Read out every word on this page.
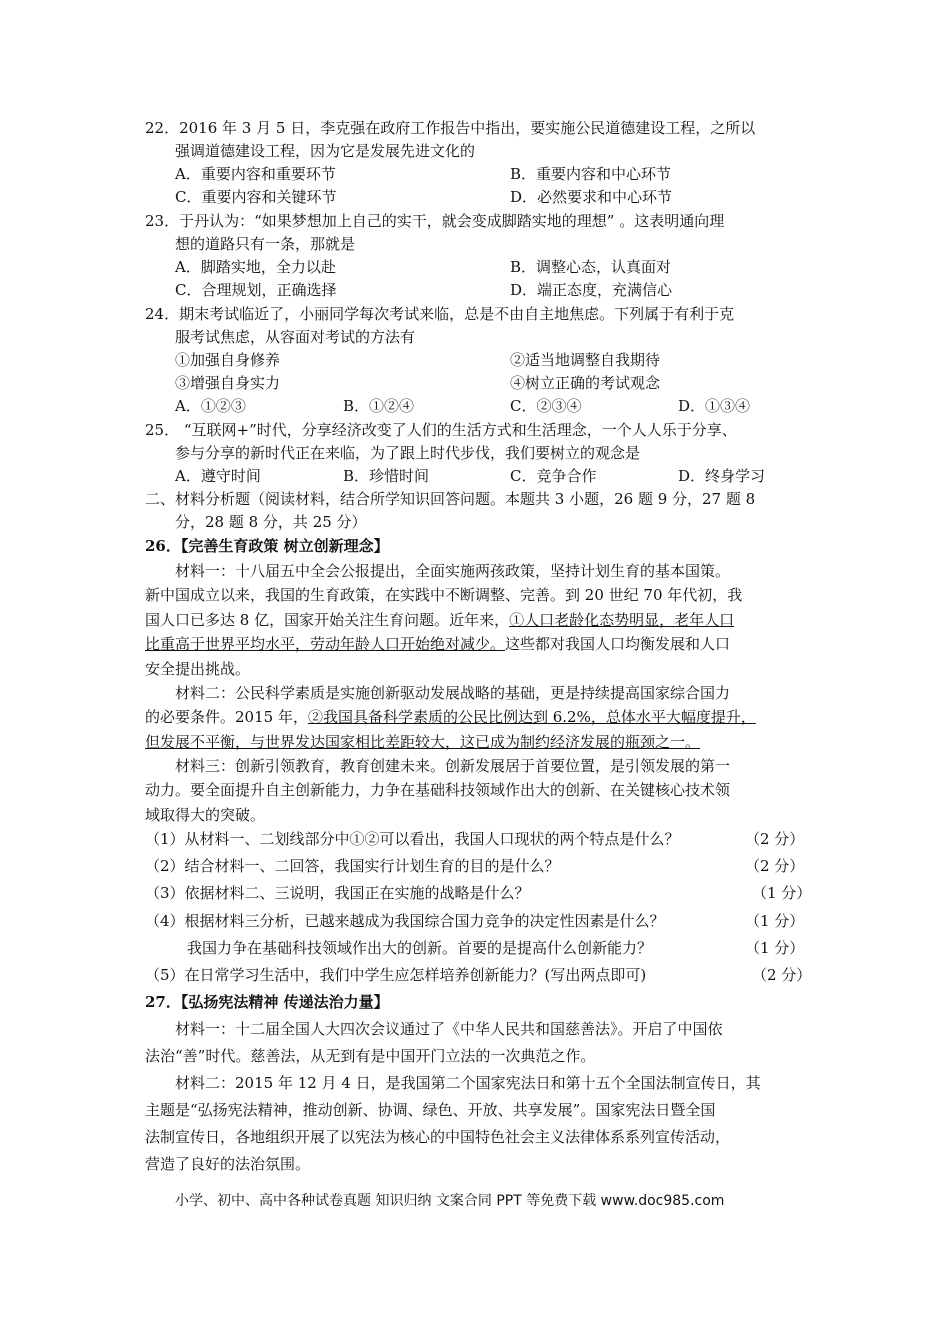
22．2016 年 3 月 5 日，李克强在政府工作报告中指出，要实施公民道德建设工程，之所以
强调道德建设工程，因为它是发展先进文化的
A．重要内容和重要环节	B．重要内容和中心环节
C．重要内容和关键环节	D．必然要求和中心环节
23．于丹认为：“如果梦想加上自己的实干，就会变成脚踏实地的理想” 。这表明通向理
想的道路只有一条，那就是
A．脚踏实地，全力以赴	B．调整心态，认真面对
C．合理规划，正确选择	D．端正态度，充满信心
24．期末考试临近了，小丽同学每次考试来临，总是不由自主地焦虑。下列属于有利于克
服考试焦虑，从容面对考试的方法有
①加强自身修养	②适当地调整自我期待
③增强自身实力	④树立正确的考试观念
A．①②③	B．①②④	C．②③④	D．①③④
25． “互联网+”时代，分享经济改变了人们的生活方式和生活理念，一个人人乐于分享、
参与分享的新时代正在来临，为了跟上时代步伐，我们要树立的观念是
A．遵守时间	B．珍惜时间	C．竞争合作	D．终身学习
二、材料分析题（阅读材料，结合所学知识回答问题。本题共 3 小题，26 题 9 分，27 题 8
分，28 题 8 分，共 25 分）
26．【完善生育政策 树立创新理念】
材料一：十八届五中全会公报提出，全面实施两孩政策，坚持计划生育的基本国策。
新中国成立以来，我国的生育政策，在实践中不断调整、完善。到 20 世纪 70 年代初，我
国人口已多达 8 亿，国家开始关注生育问题。近年来，①人口老龄化态势明显，老年人口
比重高于世界平均水平，劳动年龄人口开始绝对减少。这些都对我国人口均衡发展和人口
安全提出挑战。
材料二：公民科学素质是实施创新驱动发展战略的基础，更是持续提高国家综合国力
的必要条件。2015 年，②我国具备科学素质的公民比例达到 6.2%，总体水平大幅度提升，
但发展不平衡，与世界发达国家相比差距较大，这已成为制约经济发展的瓶颈之一。
材料三：创新引领教育，教育创建未来。创新发展居于首要位置，是引领发展的第一
动力。要全面提升自主创新能力，力争在基础科技领域作出大的创新、在关键核心技术领
域取得大的突破。
（1）从材料一、二划线部分中①②可以看出，我国人口现状的两个特点是什么？	（2 分）
（2）结合材料一、二回答，我国实行计划生育的目的是什么？	（2 分）
（3）依据材料二、三说明，我国正在实施的战略是什么？	（1 分）
（4）根据材料三分析，已越来越成为我国综合国力竞争的决定性因素是什么？	（1 分）
我国力争在基础科技领域作出大的创新。首要的是提高什么创新能力？	（1 分）
（5）在日常学习生活中，我们中学生应怎样培养创新能力？(写出两点即可)	（2 分）
27．【弘扬宪法精神 传递法治力量】
材料一：十二届全国人大四次会议通过了《中华人民共和国慈善法》。开启了中国依
法治“善”时代。慈善法，从无到有是中国开门立法的一次典范之作。
材料二：2015 年 12 月 4 日，是我国第二个国家宪法日和第十五个全国法制宣传日，其
主题是“弘扬宪法精神，推动创新、协调、绿色、开放、共享发展”。国家宪法日暨全国
法制宣传日，各地组织开展了以宪法为核心的中国特色社会主义法律体系系列宣传活动，
营造了良好的法治氛围。
小学、初中、高中各种试卷真题 知识归纳 文案合同 PPT 等免费下载 www.doc985.com
